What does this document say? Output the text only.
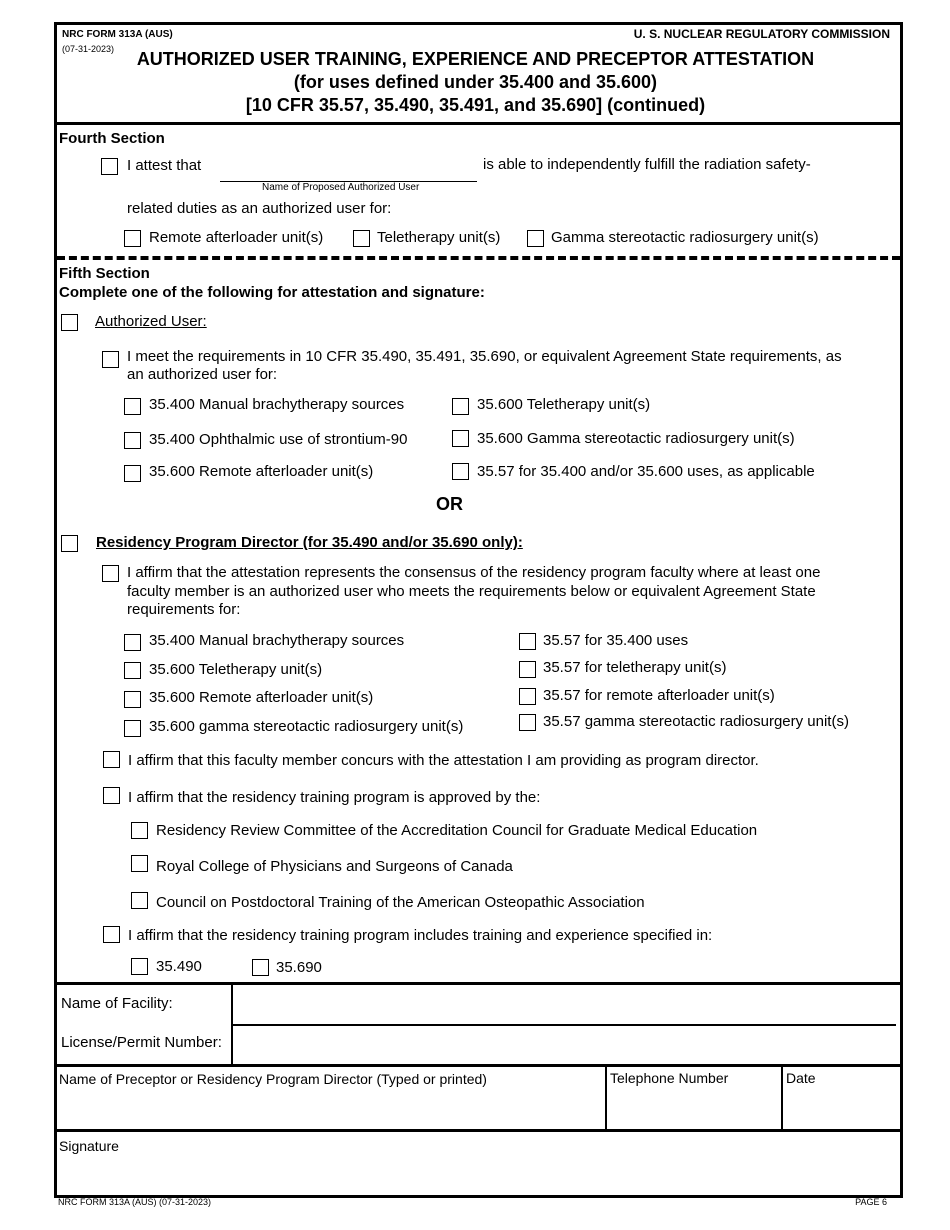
NRC FORM 313A (AUS)
(07-31-2023)
U. S. NUCLEAR REGULATORY COMMISSION
AUTHORIZED USER TRAINING, EXPERIENCE AND PRECEPTOR ATTESTATION
(for uses defined under 35.400 and 35.600)
[10 CFR 35.57, 35.490, 35.491, and 35.690] (continued)
Fourth Section
I attest that
Name of Proposed Authorized User
is able to independently fulfill the radiation safety-
related duties as an authorized user for:
Remote afterloader unit(s)	Teletherapy unit(s)	Gamma stereotactic radiosurgery unit(s)
Fifth Section
Complete one of the following for attestation and signature:
Authorized User:
I meet the requirements in 10 CFR 35.490, 35.491, 35.690, or equivalent Agreement State requirements, as
an authorized user for:
35.400 Manual brachytherapy sources
35.400 Ophthalmic use of strontium-90
35.600 Remote afterloader unit(s)
35.600 Teletherapy unit(s)
35.600 Gamma stereotactic radiosurgery unit(s)
35.57 for 35.400 and/or 35.600 uses, as applicable
OR
Residency Program Director (for 35.490 and/or 35.690 only):
I affirm that the attestation represents the consensus of the residency program faculty where at least one
faculty member is an authorized user who meets the requirements below or equivalent Agreement State
requirements for:
35.400 Manual brachytherapy sources
35.600 Teletherapy unit(s)
35.600 Remote afterloader unit(s)
35.600 gamma stereotactic radiosurgery unit(s)
35.57 for 35.400 uses
35.57 for teletherapy unit(s)
35.57 for remote afterloader unit(s)
35.57 gamma stereotactic radiosurgery unit(s)
I affirm that this faculty member concurs with the attestation I am providing as program director.
I affirm that the residency training program is approved by the:
Residency Review Committee of the Accreditation Council for Graduate Medical Education
Royal College of Physicians and Surgeons of Canada
Council on Postdoctoral Training of the American Osteopathic Association
I affirm that the residency training program includes training and experience specified in:
35.490	35.690
Name of Facility:
License/Permit Number:
Name of Preceptor or Residency Program Director (Typed or printed)	Telephone Number	Date
Signature
NRC FORM 313A (AUS) (07-31-2023)	PAGE 6
